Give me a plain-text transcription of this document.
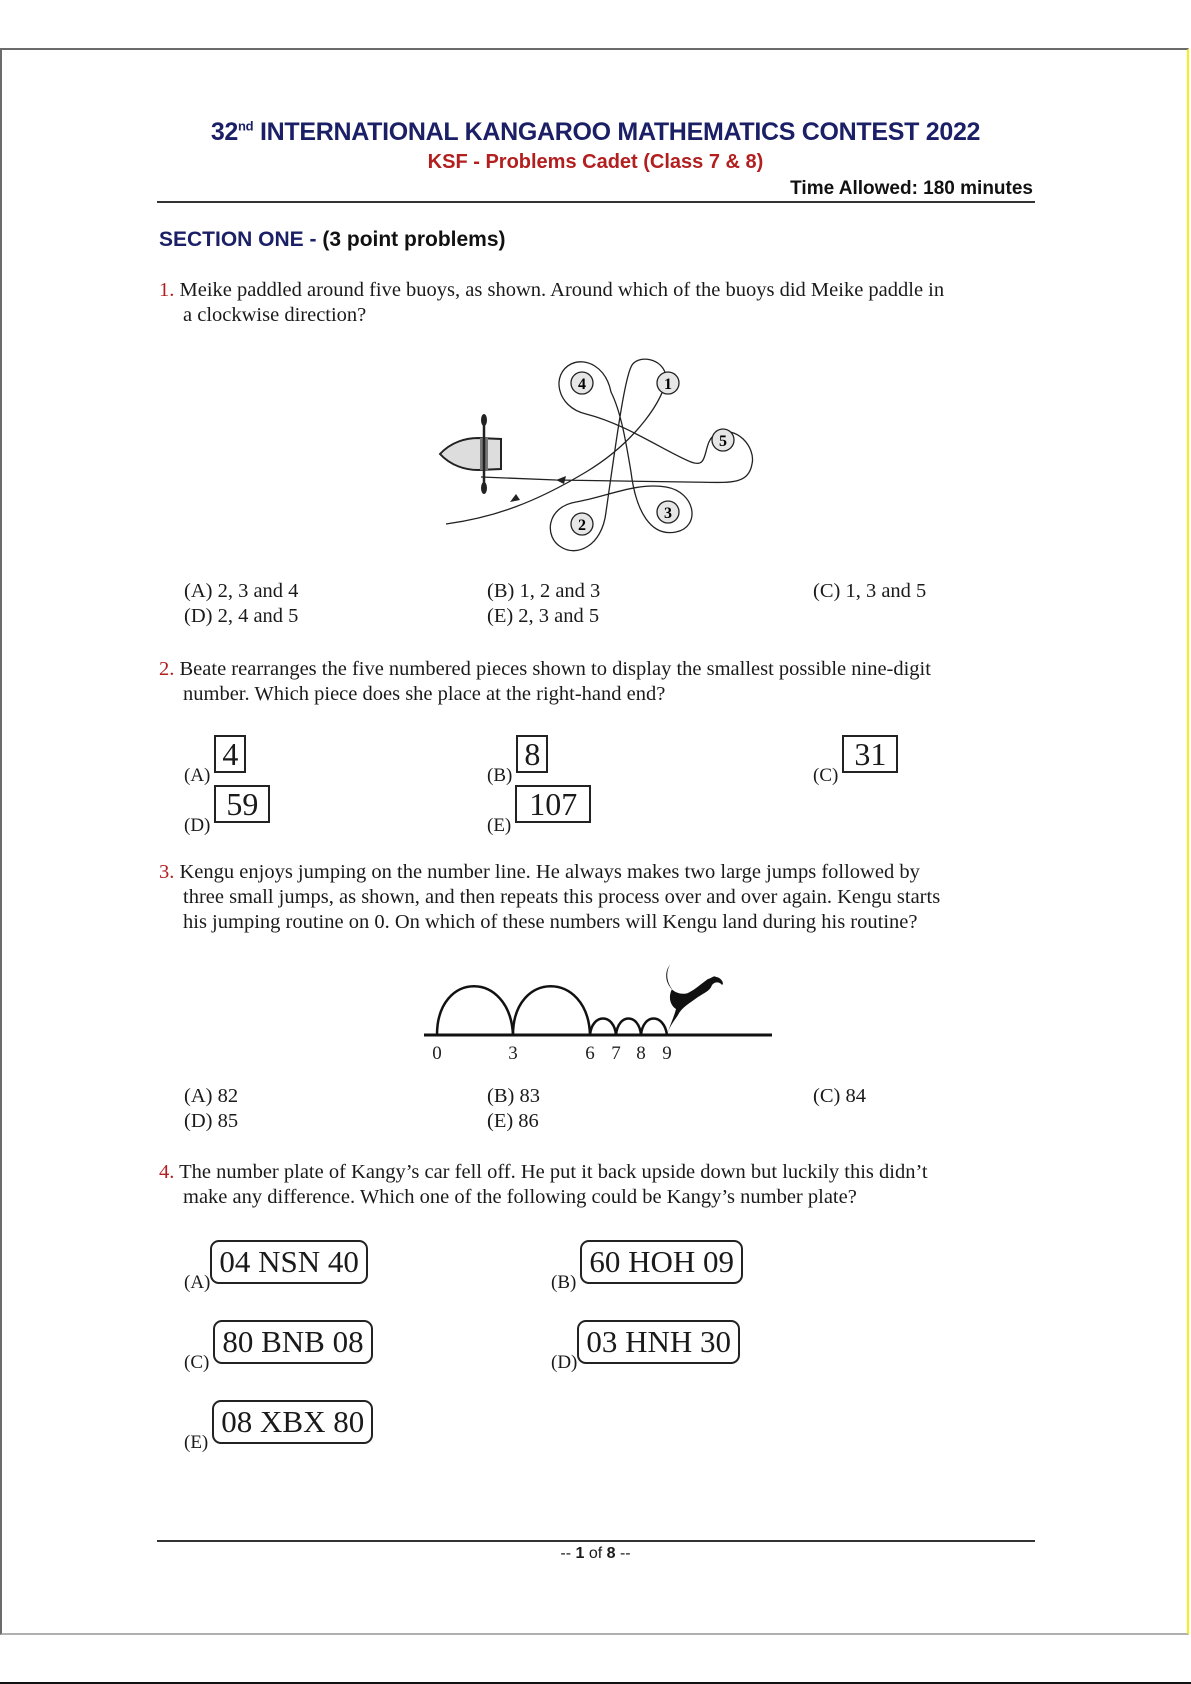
32nd INTERNATIONAL KANGAROO MATHEMATICS CONTEST 2022
KSF - Problems Cadet (Class 7 & 8)
Time Allowed: 180 minutes
SECTION ONE - (3 point problems)
1. Meike paddled around five buoys, as shown. Around which of the buoys did Meike paddle in
a clockwise direction?
4	1
5
2
3
(A) 2, 3 and 4	(B) 1, 2 and 3	(C) 1, 3 and 5
(D) 2, 4 and 5	(E) 2, 3 and 5
2. Beate rearranges the five numbered pieces shown to display the smallest possible nine-digit
number. Which piece does she place at the right-hand end?
(A) 4
(B) 8
(C) 31
(D) 59
(E) 107
3. Kengu enjoys jumping on the number line. He always makes two large jumps followed by
three small jumps, as shown, and then repeats this process over and over again. Kengu starts
his jumping routine on 0. On which of these numbers will Kengu land during his routine?
0	3	6 7 8 9
(A) 82	(B) 83	(C) 84
(D) 85	(E) 86
4. The number plate of Kangy’s car fell off. He put it back upside down but luckily this didn’t
make any difference. Which one of the following could be Kangy’s number plate?
(A)04 NSN 40
(B) 60 HOH 09
(C) 80 BNB 08
(D)03 HNH 30
(E) 08 XBX 80
-- 1 of 8 --
